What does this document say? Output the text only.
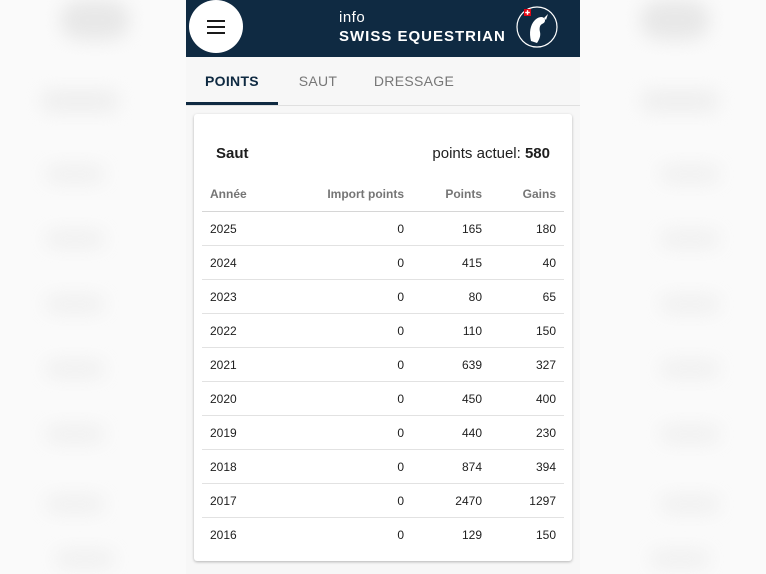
info
SWISS EQUESTRIAN
POINTS	SAUT	DRESSAGE
Saut	points actuel: 580
Année	Import points	Points	Gains
2025	0	165	180
2024	0	415	40
2023	0	80	65
2022	0	110	150
2021	0	639	327
2020	0	450	400
2019	0	440	230
2018	0	874	394
2017	0	2470	1297
2016	0	129	150
